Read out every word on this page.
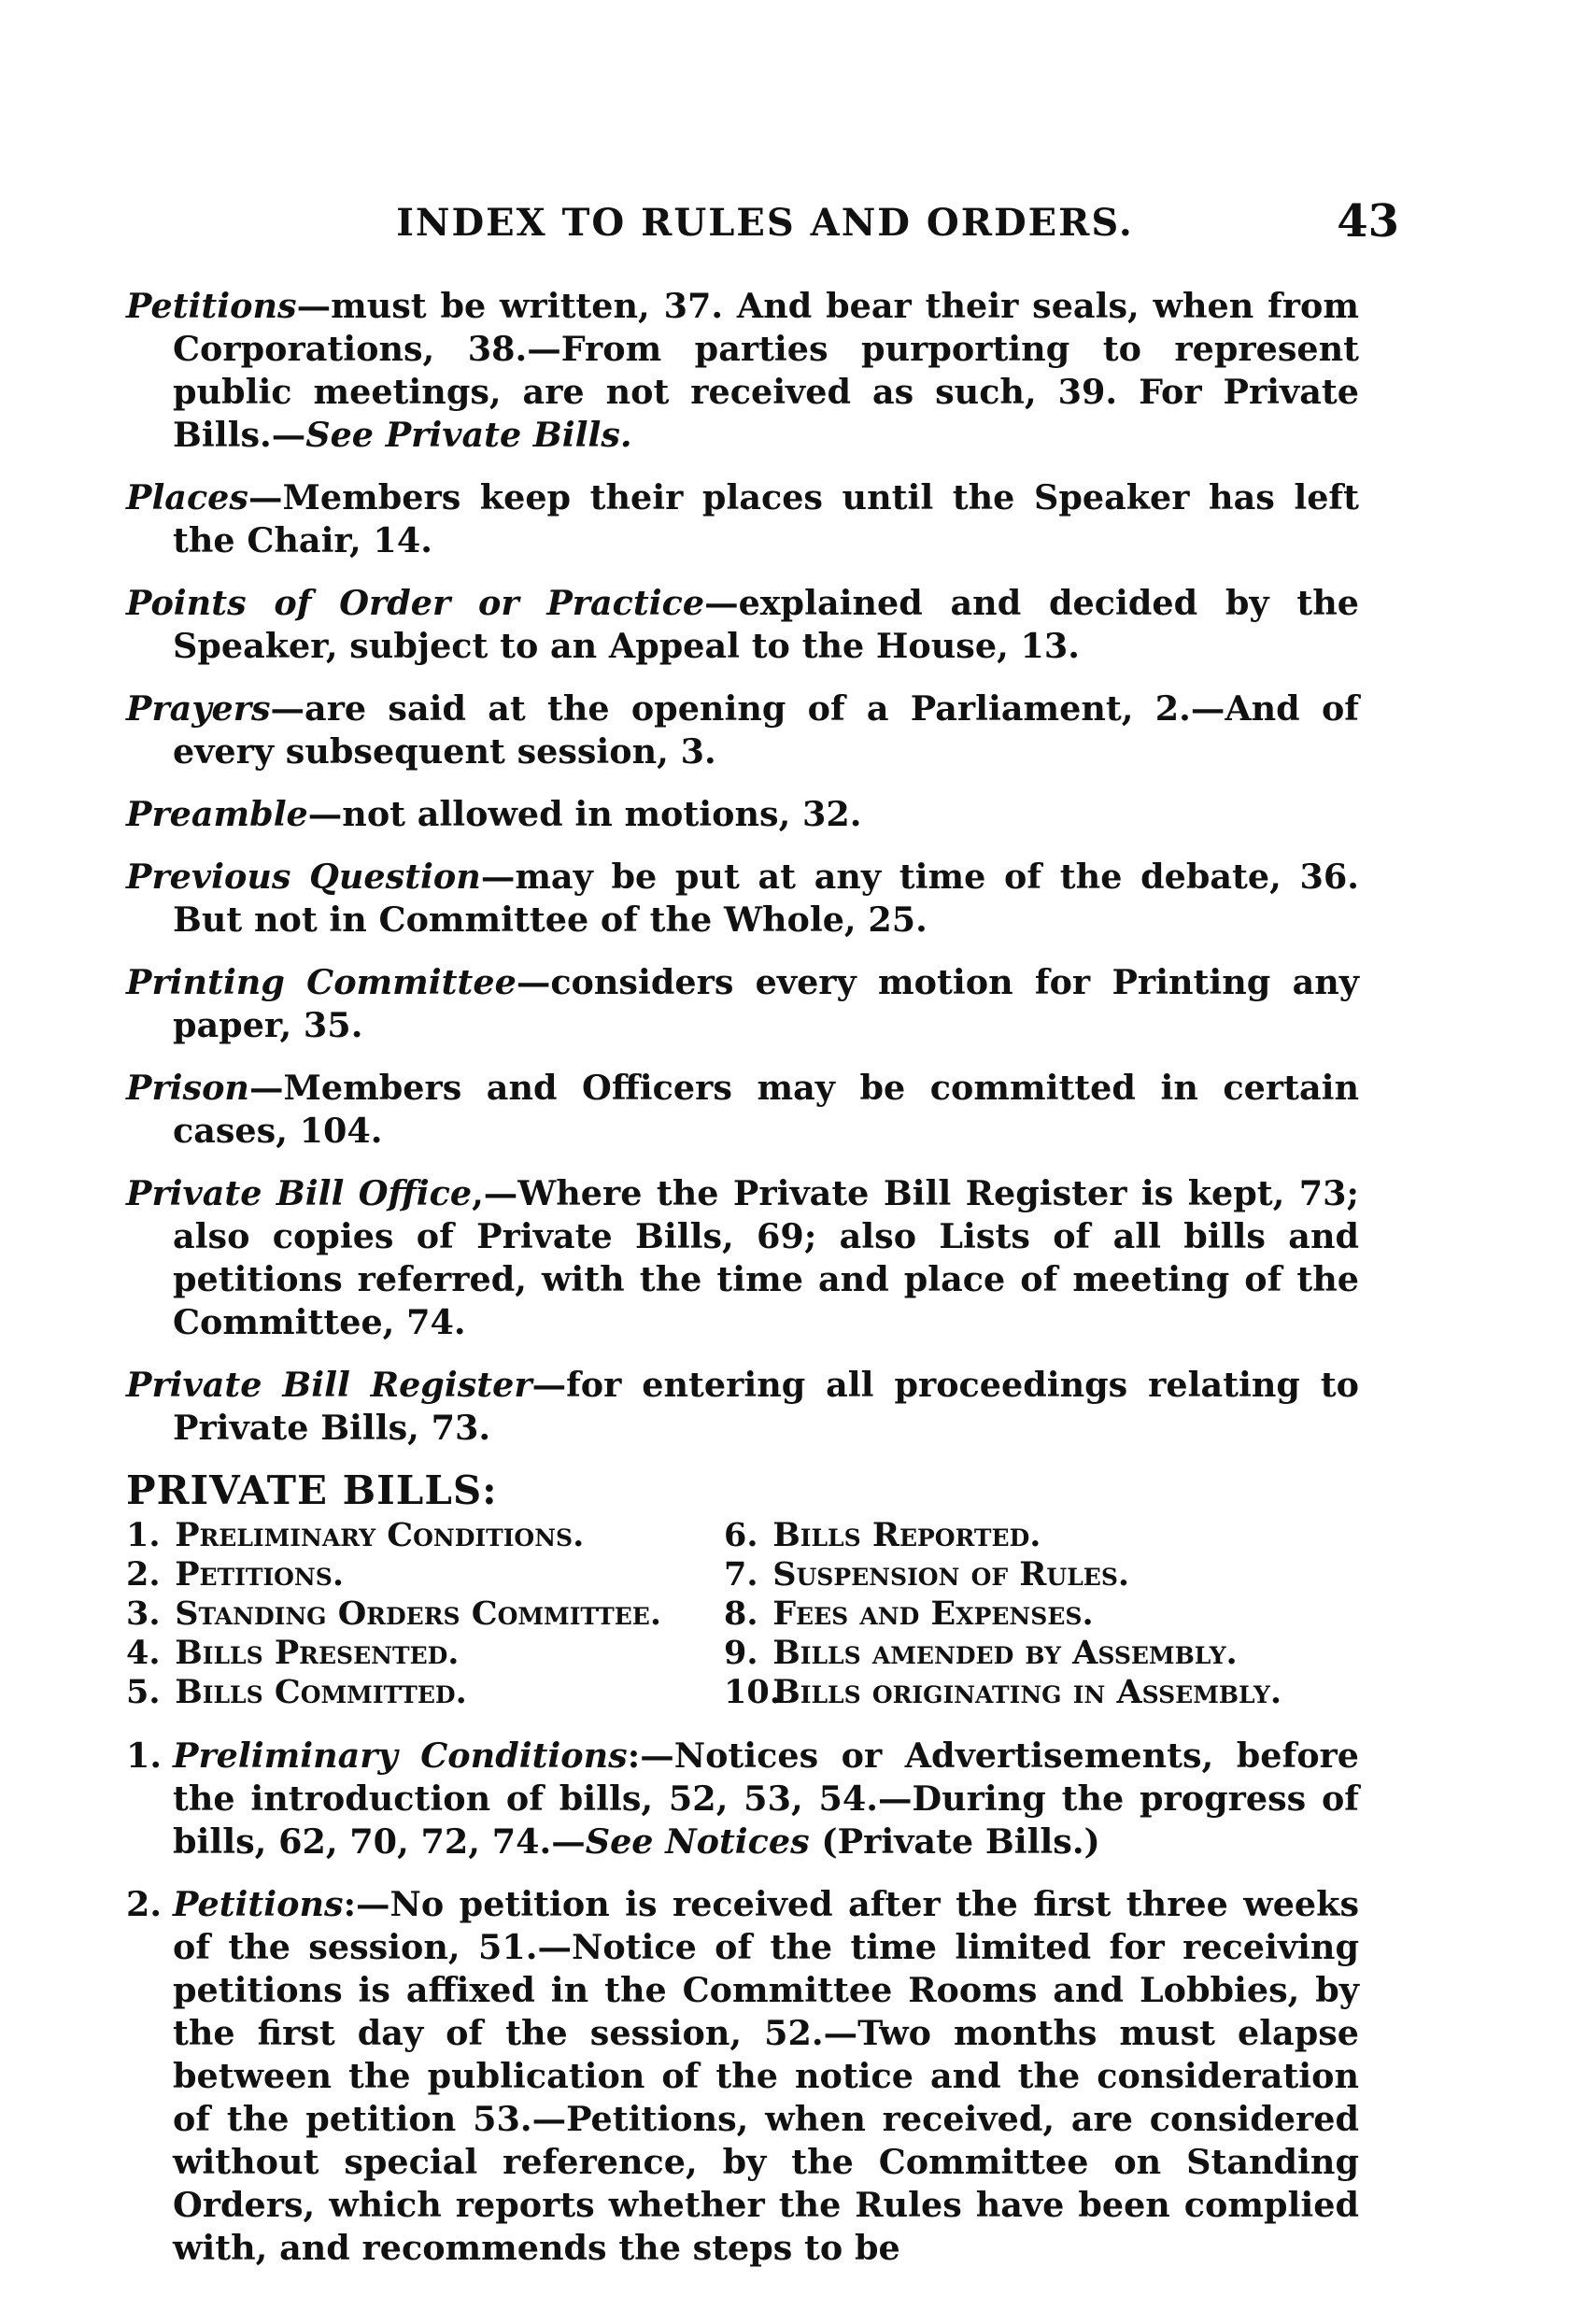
INDEX TO RULES AND ORDERS.	43

Petitions—must be written, 37. And bear their seals, when from Corporations, 38.—From parties purporting to represent public meetings, are not received as such, 39. For Private Bills.—See Private Bills.

Places—Members keep their places until the Speaker has left the Chair, 14.

Points of Order or Practice—explained and decided by the Speaker, subject to an Appeal to the House, 13.

Prayers—are said at the opening of a Parliament, 2.—And of every subsequent session, 3.

Preamble—not allowed in motions, 32.

Previous Question—may be put at any time of the debate, 36. But not in Committee of the Whole, 25.

Printing Committee—considers every motion for Printing any paper, 35.

Prison—Members and Officers may be committed in certain cases, 104.

Private Bill Office,—Where the Private Bill Register is kept, 73; also copies of Private Bills, 69; also Lists of all bills and petitions referred, with the time and place of meeting of the Committee, 74.

Private Bill Register—for entering all proceedings relating to Private Bills, 73.

PRIVATE BILLS:
1. Preliminary Conditions.	6. Bills Reported.
2. Petitions.	7. Suspension of Rules.
3. Standing Orders Committee.	8. Fees and Expenses.
4. Bills Presented.	9. Bills amended by Assembly.
5. Bills Committed.	10. Bills originating in Assembly.

1. Preliminary Conditions:—Notices or Advertisements, before the introduction of bills, 52, 53, 54.—During the progress of bills, 62, 70, 72, 74.—See Notices (Private Bills.)

2. Petitions:—No petition is received after the first three weeks of the session, 51.—Notice of the time limited for receiving petitions is affixed in the Committee Rooms and Lobbies, by the first day of the session, 52.—Two months must elapse between the publication of the notice and the consideration of the petition 53.—Petitions, when received, are considered without special reference, by the Committee on Standing Orders, which reports whether the Rules have been complied with, and recommends the steps to be
